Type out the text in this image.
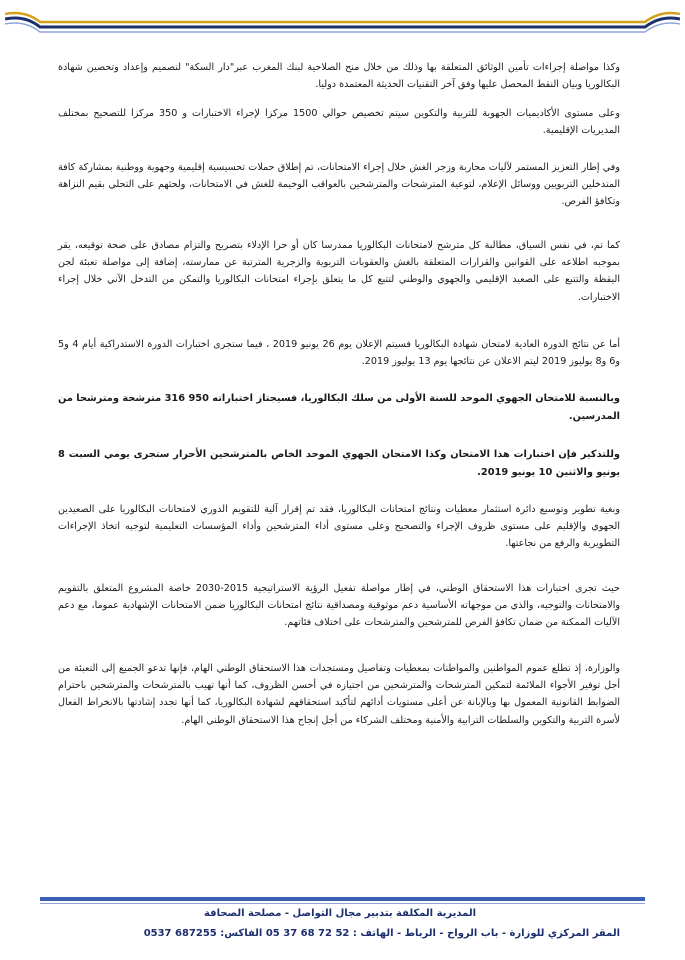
وكذا مواصلة إجراءات تأمين الوثائق المتعلقة بها وذلك من خلال منح الصلاحية لبنك المغرب عبر"دار السكة" لتصميم وإعداد وتحصين شهادة البكالوريا وبيان النقط المحصل عليها وفق آخر التقنيات الحديثة المعتمدة دوليا.

وعلى مستوى الأكاديميات الجهوية للتربية والتكوين سيتم تخصيص حوالي 1500 مركزا لإجراء الاختبارات و 350 مركزا للتصحيح بمختلف المديريات الإقليمية.

وفي إطار التعزيز المستمر لآليات محاربة وزجر الغش خلال إجراء الامتحانات، تم إطلاق حملات تحسيسية إقليمية وجهوية ووطنية بمشاركة كافة المتدخلين التربويين ووسائل الإعلام، لتوعية المترشحات والمترشحين بالعواقب الوخيمة للغش في الامتحانات، ولحثهم على التحلي بقيم النزاهة وتكافؤ الفرص.

كما تم، في نفس السياق، مطالبة كل مترشح لامتحانات البكالوريا ممدرسا كان أو حرا الإدلاء بتصريح والتزام مصادق على صحة توقيعه، يقر بموجبه اطلاعه على القوانين والقرارات المتعلقة بالغش والعقوبات التربوية والزجرية المترتبة عن ممارسته، إضافة إلى مواصلة تعبئة لجن اليقظة والتتبع على الصعيد الإقليمي والجهوي والوطني لتتبع كل ما يتعلق بإجراء امتحانات البكالوريا والتمكن من التدخل الآني خلال إجراء الاختبارات.

أما عن نتائج الدورة العادية لامتحان شهادة البكالوريا فسيتم الإعلان يوم 26 يونيو 2019 ، فيما ستجرى اختبارات الدورة الاستدراكية أيام 4 و5 و6 و8 يوليوز 2019 ليتم الاعلان عن نتائجها يوم 13 يوليوز 2019.

وبالنسبة للامتحان الجهوي الموحد للسنة الأولى من سلك البكالوريا، فسيجتاز اختباراته 950 316 مترشحة ومترشحا من المدرسين.

وللتذكير فإن اختبارات هذا الامتحان وكذا الامتحان الجهوي الموحد الخاص بالمترشحين الأحرار ستجرى يومي السبت 8 يونيو والاثنين 10 يونيو 2019.

وبغية تطوير وتوسيع دائرة استثمار معطيات ونتائج امتحانات البكالوريا، فقد تم إقرار آلية للتقويم الدوري لامتحانات البكالوريا على الصعيدين الجهوي والإقليم على مستوى ظروف الإجراء والتصحيح وعلى مستوى أداء المترشحين وأداء المؤسسات التعليمية لتوجيه اتخاذ الإجراءات التطويرية والرفع من نجاعتها.

حيث تجرى اختبارات هذا الاستحقاق الوطني، في إطار مواصلة تفعيل الرؤية الاستراتيجية 2015-2030 خاصة المشروع المتعلق بالتقويم والامتحانات والتوجيه، والذي من موجهاته الأساسية دعم موثوقية ومصداقية نتائج امتحانات البكالوريا ضمن الامتحانات الإشهادية عموما، مع دعم الآليات الممكنة من ضمان تكافؤ الفرص للمترشحين والمترشحات على اختلاف فئاتهم.

والوزارة، إذ تطلع عموم المواطنين والمواطنات بمعطيات وتفاصيل ومستجدات هذا الاستحقاق الوطني الهام، فإنها تدعو الجميع إلى التعبئة من أجل توفير الأجواء الملائمة لتمكين المترشحات والمترشحين من اجتيازه في أحسن الظروف، كما أنها تهيب بالمترشحات والمترشحين باحترام الضوابط القانونية المعمول بها وبالإبانة عن أعلى مستويات أدائهم لتأكيد استحقاقهم لشهادة البكالوريا، كما أنها تجدد إشادتها بالانخراط الفعال لأسرة التربية والتكوين والسلطات الترابية والأمنية ومختلف الشركاء من أجل إنجاح هذا الاستحقاق الوطني الهام.

المديرية المكلفة بتدبير مجال التواصل - مصلحة الصحافة
المقر المركزي للوزارة - باب الرواح - الرباط - الهاتف : 52 72 68 37 05 الفاكس: 687255 0537
